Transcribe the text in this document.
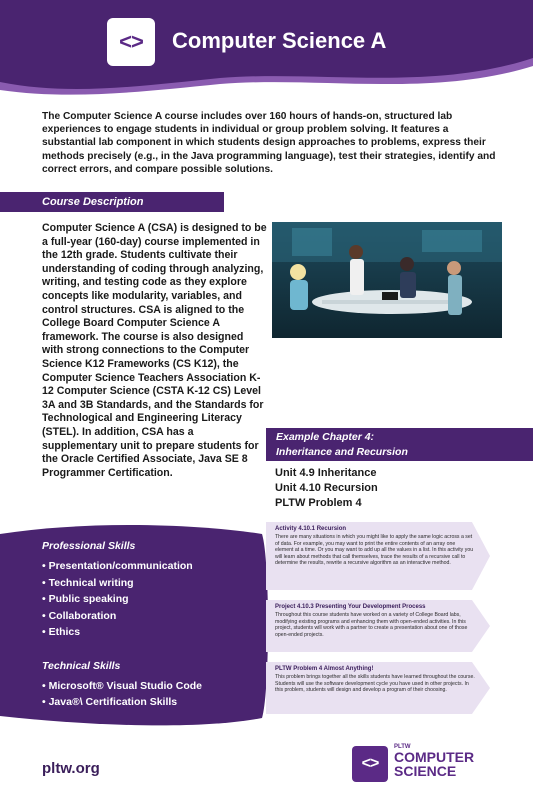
<> Computer Science A
The Computer Science A course includes over 160 hours of hands-on, structured lab experiences to engage students in individual or group problem solving. It features a substantial lab component in which students design approaches to problems, express their methods precisely (e.g., in the Java programming language), test their strategies, identify and correct errors, and compare possible solutions.
Course Description
Computer Science A (CSA) is designed to be a full-year (160-day) course implemented in the 12th grade. Students cultivate their understanding of coding through analyzing, writing, and testing code as they explore concepts like modularity, variables, and control structures. CSA is aligned to the College Board Computer Science A framework. The course is also designed with strong connections to the Computer Science K12 Frameworks (CS K12), the Computer Science Teachers Association K-12 Computer Science (CSTA K-12 CS) Level 3A and 3B Standards, and the Standards for Technological and Engineering Literacy (STEL). In addition, CSA has a supplementary unit to prepare students for the Oracle Certified Associate, Java SE 8 Programmer Certification.
Example Chapter 4:
Inheritance and Recursion
Unit 4.9 Inheritance
Unit 4.10 Recursion
PLTW Problem 4
Professional Skills
• Presentation/communication
• Technical writing
• Public speaking
• Collaboration
• Ethics
Technical Skills
• Microsoft® Visual Studio Code
• Java®\ Certification Skills
Activity 4.10.1 Recursion
There are many situations in which you might like to apply the same logic across a set of data. For example, you may want to print the entire contents of an array one element at a time. Or you may want to add up all the values in a list. In this activity you will learn about methods that call themselves, trace the results of a recursive call to determine the results, rewrite a recursive algorithm as an interactive method.
Project 4.10.3 Presenting Your Development Process
Throughout this course students have worked on a variety of College Board labs, modifying existing programs and enhancing them with open-ended activities. In this project, students will work with a partner to create a presentation about one of those open-ended projects.
PLTW Problem 4 Almost Anything!
This problem brings together all the skills students have learned throughout the course. Students will use the software development cycle you have used in other projects. In this problem, students will design and develop a program of their choosing.
pltw.org	<>
PLTW
COMPUTER
SCIENCE
